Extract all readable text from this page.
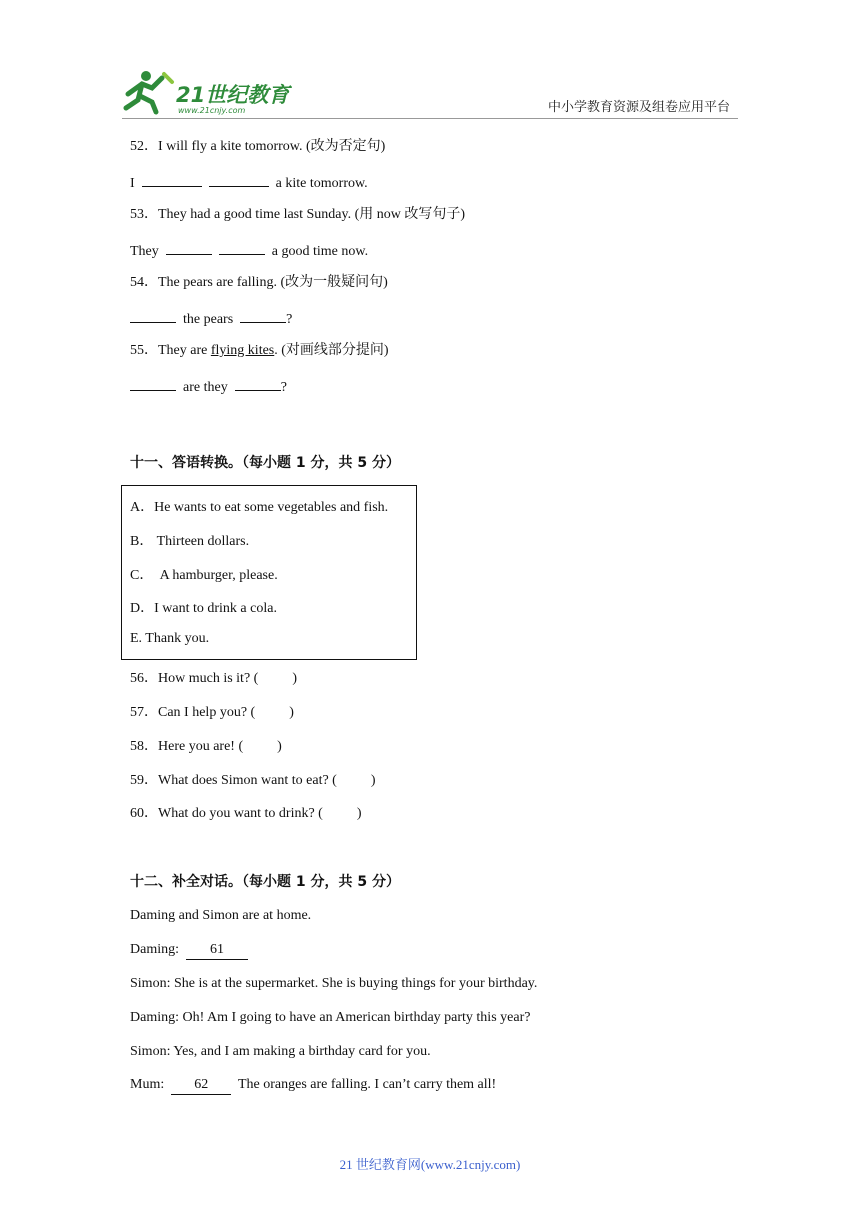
21世纪教育
www.21cnjy.com	中小学教育资源及组卷应用平台
52．I will fly a kite tomorrow. (改为否定句)
I	a kite tomorrow.
53．They had a good time last Sunday. (用 now 改写句子)
They	a good time now.
54．The pears are falling. (改为一般疑问句)
the pears	?
55．They are flying kites. (对画线部分提问)
are they	?
十一、答语转换。（每小题 1 分，共 5 分）
A．He wants to eat some vegetables and fish.
B． Thirteen dollars.
C．  A hamburger, please.
D．I want to drink a cola.
E. Thank you.
56．How much is it? ( )
57．Can I help you? ( )
58．Here you are! ( )
59．What does Simon want to eat? ( )
60．What do you want to drink? ( )
十二、补全对话。（每小题 1 分，共 5 分）
Daming and Simon are at home.
Daming: 61
Simon: She is at the supermarket. She is buying things for your birthday.
Daming: Oh! Am I going to have an American birthday party this year?
Simon: Yes, and I am making a birthday card for you.
Mum: 62 The oranges are falling. I can’t carry them all!
21 世纪教育网(www.21cnjy.com)
